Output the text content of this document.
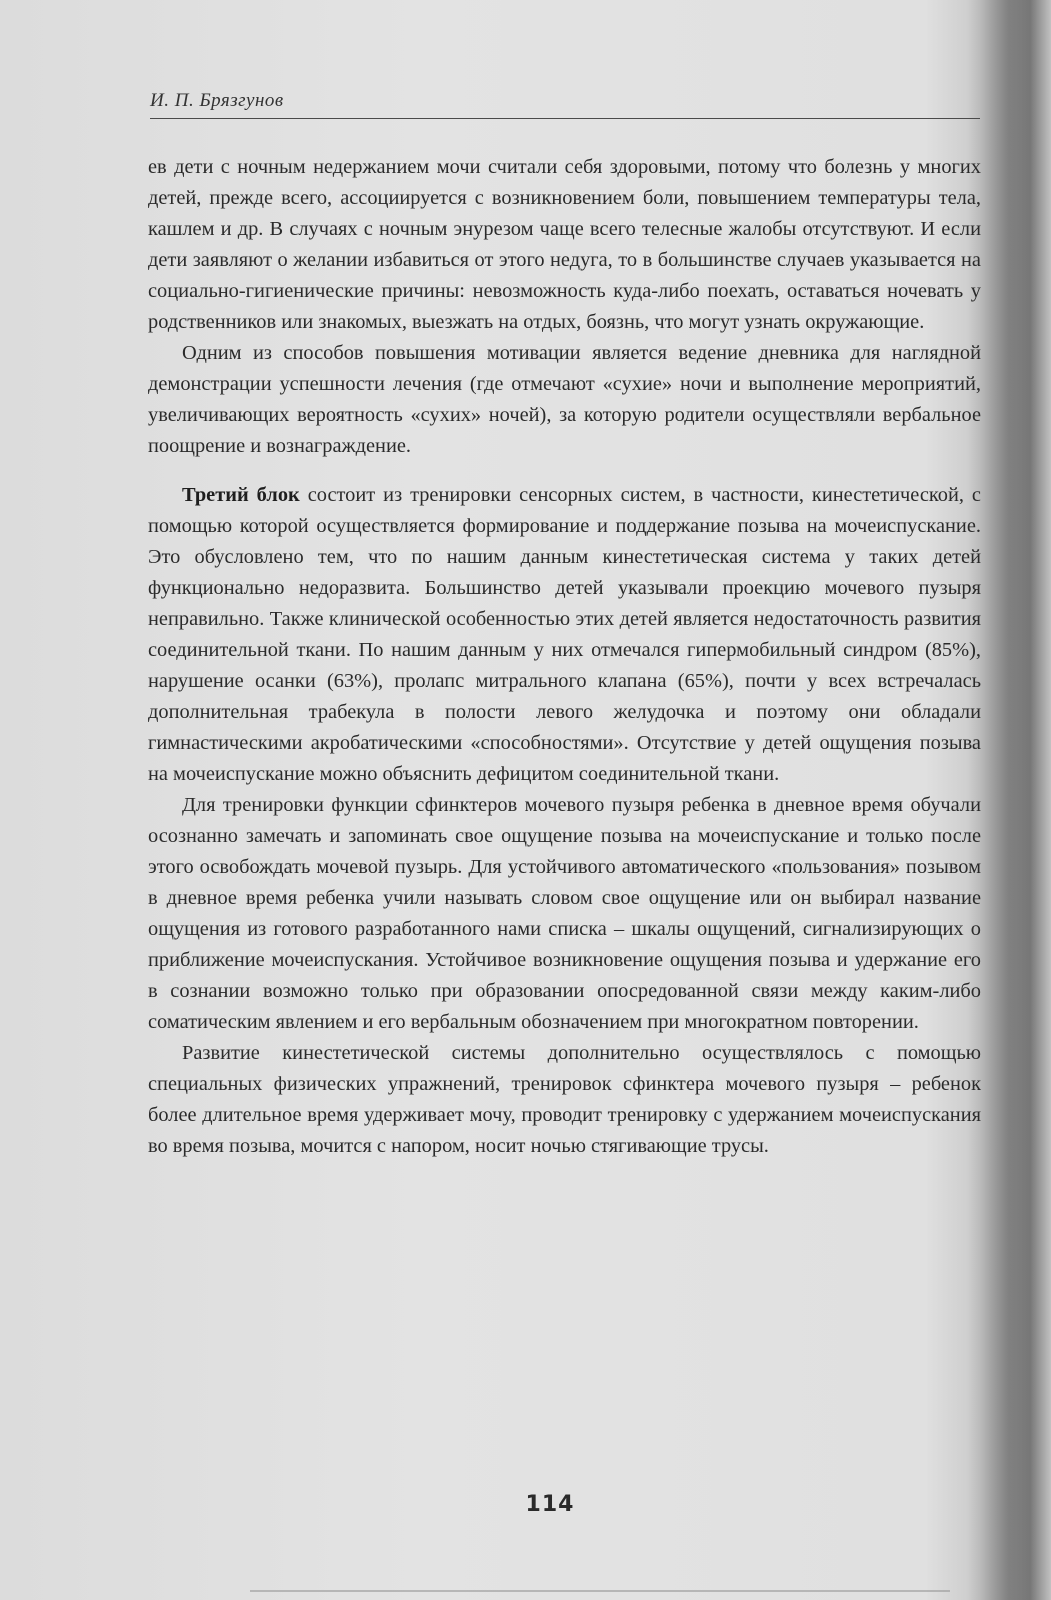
И. П. Брязгунов

ев дети с ночным недержанием мочи считали себя здоровыми, потому что болезнь у многих детей, прежде всего, ассоциируется с возникновением боли, повышением температуры тела, кашлем и др. В случаях с ночным энурезом чаще всего телесные жалобы отсутствуют. И если дети заявляют о желании избавиться от этого недуга, то в большинстве случаев указывается на социально-гигиенические причины: невозможность куда-либо поехать, оставаться ночевать у родственников или знакомых, выезжать на отдых, боязнь, что могут узнать окружающие.

Одним из способов повышения мотивации является ведение дневника для наглядной демонстрации успешности лечения (где отмечают «сухие» ночи и выполнение мероприятий, увеличивающих вероятность «сухих» ночей), за которую родители осуществляли вербальное поощрение и вознаграждение.

Третий блок состоит из тренировки сенсорных систем, в частности, кинестетической, с помощью которой осуществляется формирование и поддержание позыва на мочеиспускание. Это обусловлено тем, что по нашим данным кинестетическая система у таких детей функционально недоразвита. Большинство детей указывали проекцию мочевого пузыря неправильно. Также клинической особенностью этих детей является недостаточность развития соединительной ткани. По нашим данным у них отмечался гипермобильный синдром (85%), нарушение осанки (63%), пролапс митрального клапана (65%), почти у всех встречалась дополнительная трабекула в полости левого желудочка и поэтому они обладали гимнастическими акробатическими «способностями». Отсутствие у детей ощущения позыва на мочеиспускание можно объяснить дефицитом соединительной ткани.

Для тренировки функции сфинктеров мочевого пузыря ребенка в дневное время обучали осознанно замечать и запоминать свое ощущение позыва на мочеиспускание и только после этого освобождать мочевой пузырь. Для устойчивого автоматического «пользования» позывом в дневное время ребенка учили называть словом свое ощущение или он выбирал название ощущения из готового разработанного нами списка – шкалы ощущений, сигнализирующих о приближение мочеиспускания. Устойчивое возникновение ощущения позыва и удержание его в сознании возможно только при образовании опосредованной связи между каким-либо соматическим явлением и его вербальным обозначением при многократном повторении.

Развитие кинестетической системы дополнительно осуществлялось с помощью специальных физических упражнений, тренировок сфинктера мочевого пузыря – ребенок более длительное время удерживает мочу, проводит тренировку с удержанием мочеиспускания во время позыва, мочится с напором, носит ночью стягивающие трусы.

114
